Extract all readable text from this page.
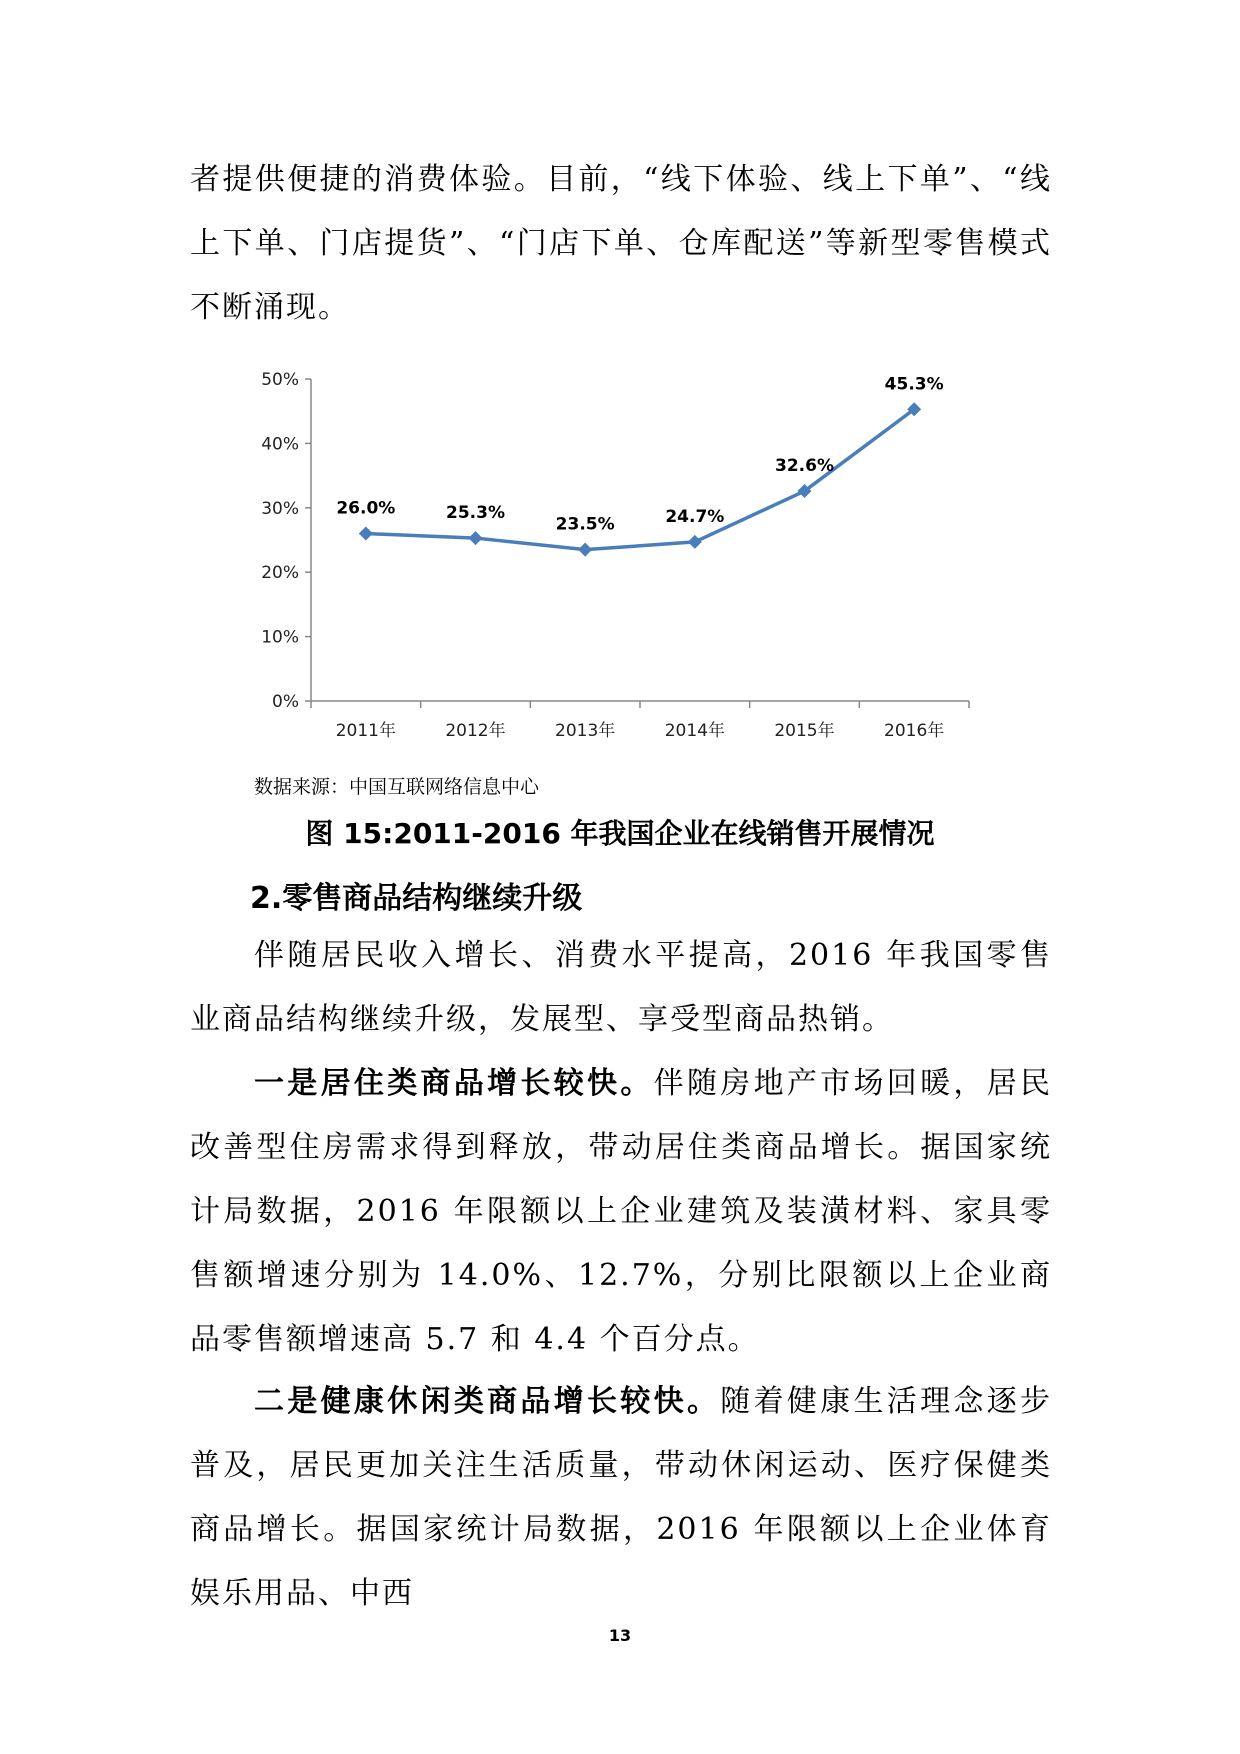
者提供便捷的消费体验。目前，“线下体验、线上下单”、“线上下单、门店提货”、“门店下单、仓库配送”等新型零售模式不断涌现。

0%
10%
20%
30%
40%
50%
2011年	2012年	2013年	2014年	2015年	2016年
26.0%	25.3%
23.5%	24.7%
32.6%
45.3%
数据来源：中国互联网络信息中心
图 15:2011-2016 年我国企业在线销售开展情况
2.零售商品结构继续升级

伴随居民收入增长、消费水平提高，2016 年我国零售业商品结构继续升级，发展型、享受型商品热销。

一是居住类商品增长较快。伴随房地产市场回暖，居民改善型住房需求得到释放，带动居住类商品增长。据国家统计局数据，2016 年限额以上企业建筑及装潢材料、家具零售额增速分别为 14.0%、12.7%，分别比限额以上企业商品零售额增速高 5.7 和 4.4 个百分点。

二是健康休闲类商品增长较快。随着健康生活理念逐步普及，居民更加关注生活质量，带动休闲运动、医疗保健类商品增长。据国家统计局数据，2016 年限额以上企业体育娱乐用品、中西

13
